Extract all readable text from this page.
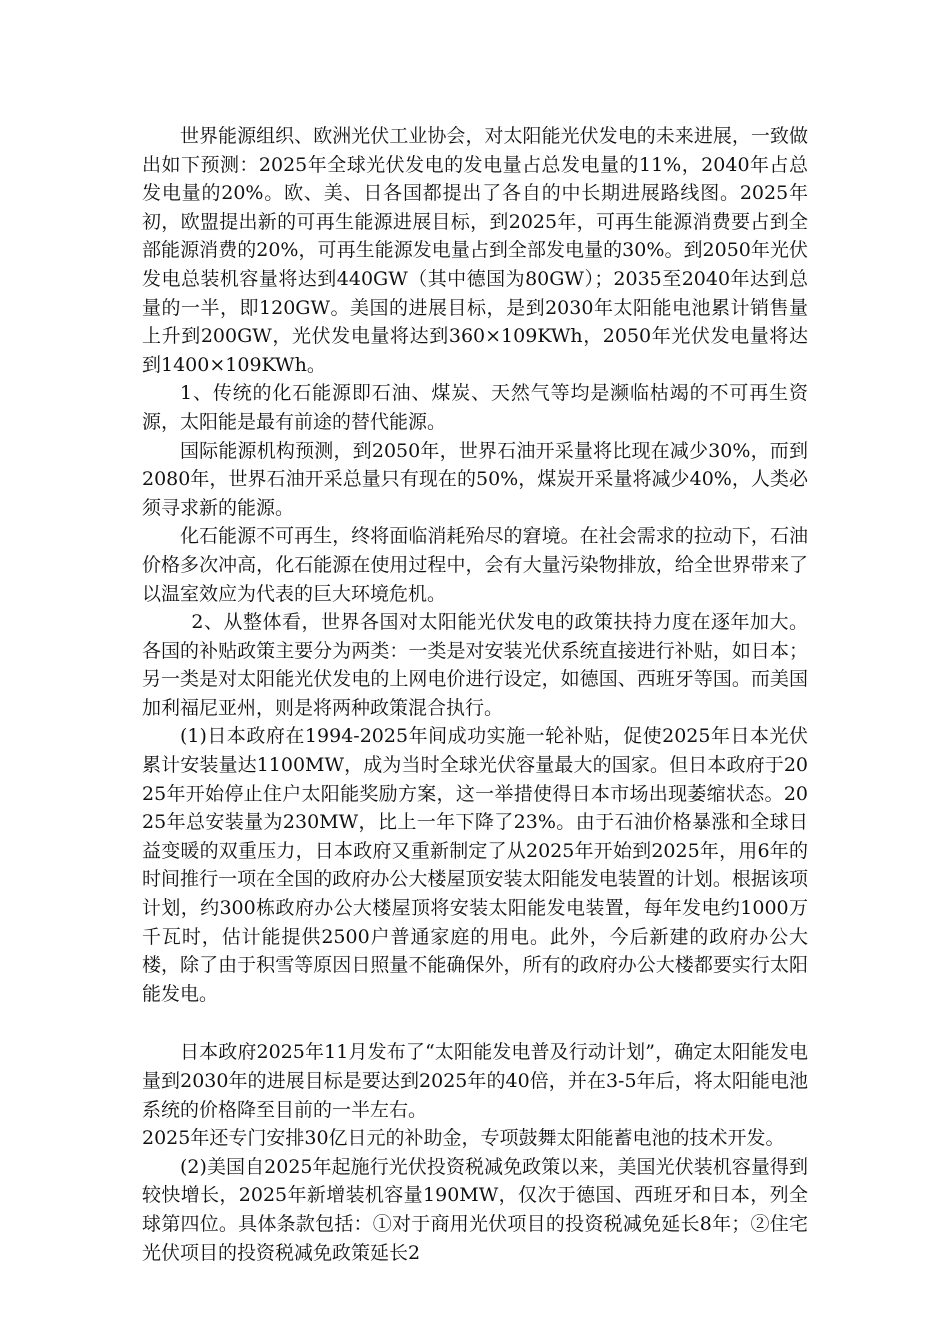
世界能源组织、欧洲光伏工业协会，对太阳能光伏发电的未来进展，一致做出如下预测：2025年全球光伏发电的发电量占总发电量的11%，2040年占总发电量的20%。欧、美、日各国都提出了各自的中长期进展路线图。2025年初，欧盟提出新的可再生能源进展目标，到2025年，可再生能源消费要占到全部能源消费的20%，可再生能源发电量占到全部发电量的30%。到2050年光伏发电总装机容量将达到440GW（其中德国为80GW）；2035至2040年达到总量的一半，即120GW。美国的进展目标，是到2030年太阳能电池累计销售量上升到200GW，光伏发电量将达到360×109KWh，2050年光伏发电量将达到1400×109KWh。

1、传统的化石能源即石油、煤炭、天然气等均是濒临枯竭的不可再生资源，太阳能是最有前途的替代能源。

国际能源机构预测，到2050年，世界石油开采量将比现在减少30%，而到2080年，世界石油开采总量只有现在的50%，煤炭开采量将减少40%，人类必须寻求新的能源。

化石能源不可再生，终将面临消耗殆尽的窘境。在社会需求的拉动下，石油价格多次冲高，化石能源在使用过程中，会有大量污染物排放，给全世界带来了以温室效应为代表的巨大环境危机。

2、从整体看，世界各国对太阳能光伏发电的政策扶持力度在逐年加大。各国的补贴政策主要分为两类：一类是对安装光伏系统直接进行补贴，如日本；另一类是对太阳能光伏发电的上网电价进行设定，如德国、西班牙等国。而美国加利福尼亚州，则是将两种政策混合执行。

(1)日本政府在1994-2025年间成功实施一轮补贴，促使2025年日本光伏累计安装量达1100MW，成为当时全球光伏容量最大的国家。但日本政府于2025年开始停止住户太阳能奖励方案，这一举措使得日本市场出现萎缩状态。2025年总安装量为230MW，比上一年下降了23%。由于石油价格暴涨和全球日益变暖的双重压力，日本政府又重新制定了从2025年开始到2025年，用6年的时间推行一项在全国的政府办公大楼屋顶安装太阳能发电装置的计划。根据该项计划，约300栋政府办公大楼屋顶将安装太阳能发电装置，每年发电约1000万千瓦时，估计能提供2500户普通家庭的用电。此外，今后新建的政府办公大楼，除了由于积雪等原因日照量不能确保外，所有的政府办公大楼都要实行太阳能发电。

日本政府2025年11月发布了“太阳能发电普及行动计划”，确定太阳能发电量到2030年的进展目标是要达到2025年的40倍，并在3-5年后，将太阳能电池系统的价格降至目前的一半左右。

2025年还专门安排30亿日元的补助金，专项鼓舞太阳能蓄电池的技术开发。

(2)美国自2025年起施行光伏投资税减免政策以来，美国光伏装机容量得到较快增长，2025年新增装机容量190MW，仅次于德国、西班牙和日本，列全球第四位。具体条款包括：①对于商用光伏项目的投资税减免延长8年；②住宅光伏项目的投资税减免政策延长2
